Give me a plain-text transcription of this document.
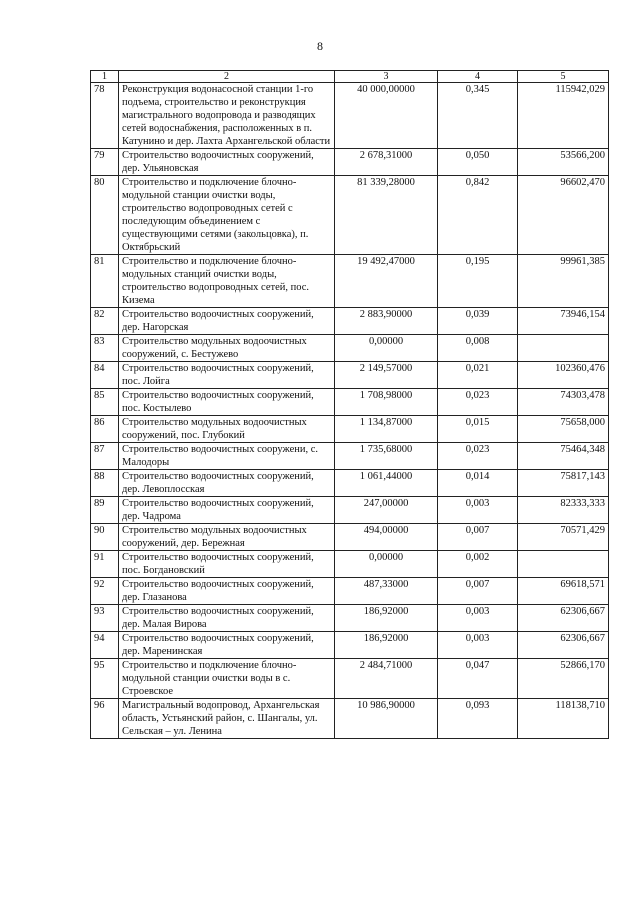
8
1	2	3	4	5
78	Реконструкция водонасосной станции 1-го подъема, строительство и реконструкция магистрального водопровода и разводящих сетей водоснабжения, расположенных в п. Катунино и дер. Лахта Архангельской области	40 000,00000	0,345	115942,029
79	Строительство водоочистных сооружений, дер. Ульяновская	2 678,31000	0,050	53566,200
80	Строительство и подключение блочно-модульной станции очистки воды, строительство водопроводных сетей с последующим объединением с существующими сетями (закольцовка), п. Октябрьский	81 339,28000	0,842	96602,470
81	Строительство и подключение блочно-модульных станций очистки воды, строительство водопроводных сетей, пос. Кизема	19 492,47000	0,195	99961,385
82	Строительство водоочистных сооружений, дер. Нагорская	2 883,90000	0,039	73946,154
83	Строительство модульных водоочистных сооружений, с. Бестужево	0,00000	0,008	
84	Строительство водоочистных сооружений, пос. Лойга	2 149,57000	0,021	102360,476
85	Строительство водоочистных сооружений, пос. Костылево	1 708,98000	0,023	74303,478
86	Строительство модульных водоочистных сооружений, пос. Глубокий	1 134,87000	0,015	75658,000
87	Строительство водоочистных сооружени, с. Малодоры	1 735,68000	0,023	75464,348
88	Строительство водоочистных сооружений, дер. Левоплосская	1 061,44000	0,014	75817,143
89	Строительство водоочистных сооружений, дер. Чадрома	247,00000	0,003	82333,333
90	Строительство модульных водоочистных сооружений, дер. Бережная	494,00000	0,007	70571,429
91	Строительство водоочистных сооружений, пос. Богдановский	0,00000	0,002	
92	Строительство водоочистных сооружений, дер. Глазанова	487,33000	0,007	69618,571
93	Строительство водоочистных сооружений, дер. Малая Вирова	186,92000	0,003	62306,667
94	Строительство водоочистных сооружений, дер. Маренинская	186,92000	0,003	62306,667
95	Строительство и подключение блочно-модульной станции очистки воды в с. Строевское	2 484,71000	0,047	52866,170
96	Магистральный водопровод, Архангельская область, Устьянский район, с. Шангалы, ул. Сельская – ул. Ленина	10 986,90000	0,093	118138,710
